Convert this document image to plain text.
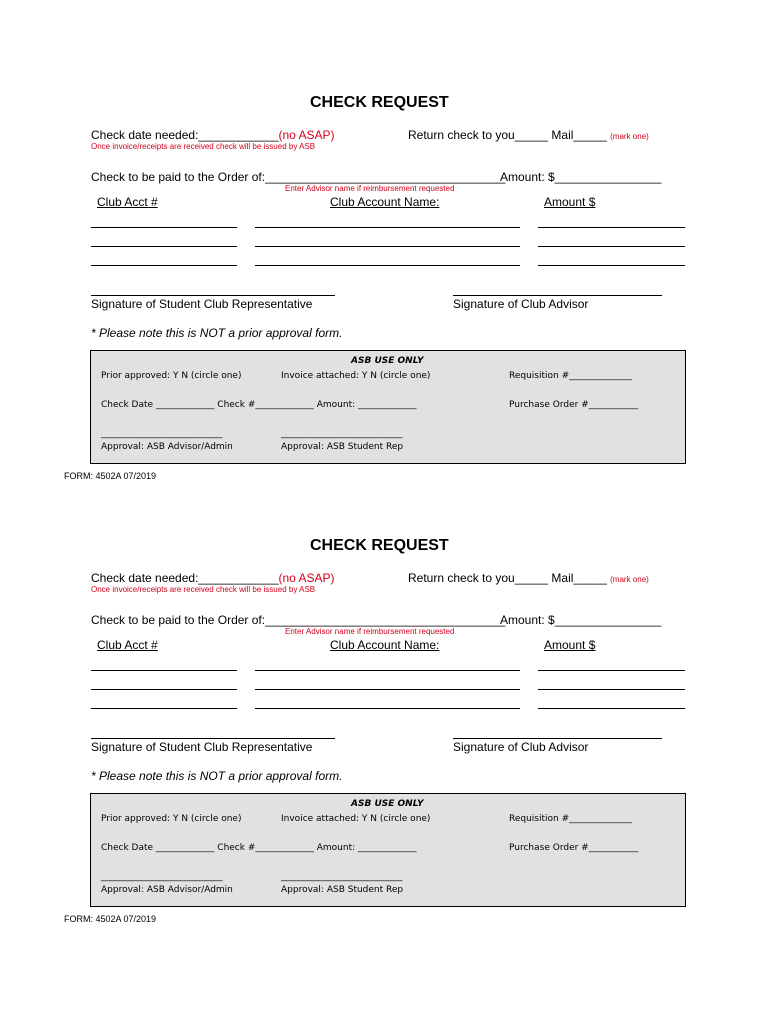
CHECK REQUEST
Check date needed:____________(no ASAP)	Return check to you_____ Mail_____ (mark one)
Once invoice/receipts are received check will be issued by ASB
Check to be paid to the Order of:____________________________________
Amount: $________________
Enter Advisor name if reimbursement requested
Club Acct #	Club Account Name:	Amount $
Signature of Student Club Representative	Signature of Club Advisor
* Please note this is NOT a prior approval form.
ASB USE ONLY
Prior approved: Y N (circle one)	Invoice attached: Y N (circle one)	Requisition #______________
Check Date _____________ Check #_____________ Amount: _____________	Purchase Order #___________
___________________________	___________________________
Approval: ASB Advisor/Admin	Approval: ASB Student Rep
FORM: 4502A 07/2019
CHECK REQUEST
Check date needed:____________(no ASAP)	Return check to you_____ Mail_____ (mark one)
Once invoice/receipts are received check will be issued by ASB
Check to be paid to the Order of:____________________________________
Amount: $________________
Enter Advisor name if reimbursement requested
Club Acct #	Club Account Name:	Amount $
Signature of Student Club Representative	Signature of Club Advisor
* Please note this is NOT a prior approval form.
ASB USE ONLY
Prior approved: Y N (circle one)	Invoice attached: Y N (circle one)	Requisition #______________
Check Date _____________ Check #_____________ Amount: _____________	Purchase Order #___________
___________________________	___________________________
Approval: ASB Advisor/Admin	Approval: ASB Student Rep
FORM: 4502A 07/2019
